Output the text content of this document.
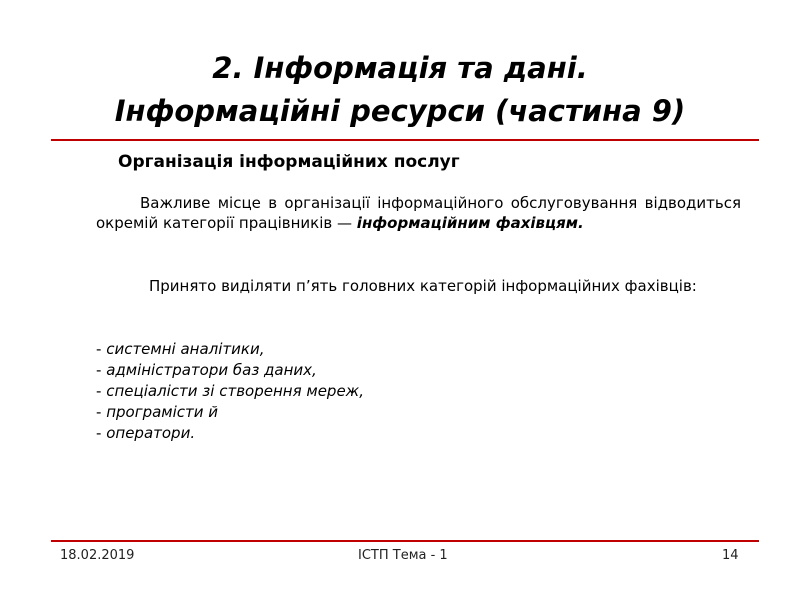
2. Інформація та дані.
Інформаційні ресурси (частина 9)
Організація інформаційних послуг

Важливе місце в організації інформаційного обслуговування відводиться окремій категорії працівників — інформаційним фахівцям.

Принято виділяти п’ять головних категорій інформаційних фахівців:

- системні аналітики,
- адміністратори баз даних,
- спеціалісти зі створення мереж,
- програмісти й
- оператори.
18.02.2019	ІСТП Тема - 1	14
